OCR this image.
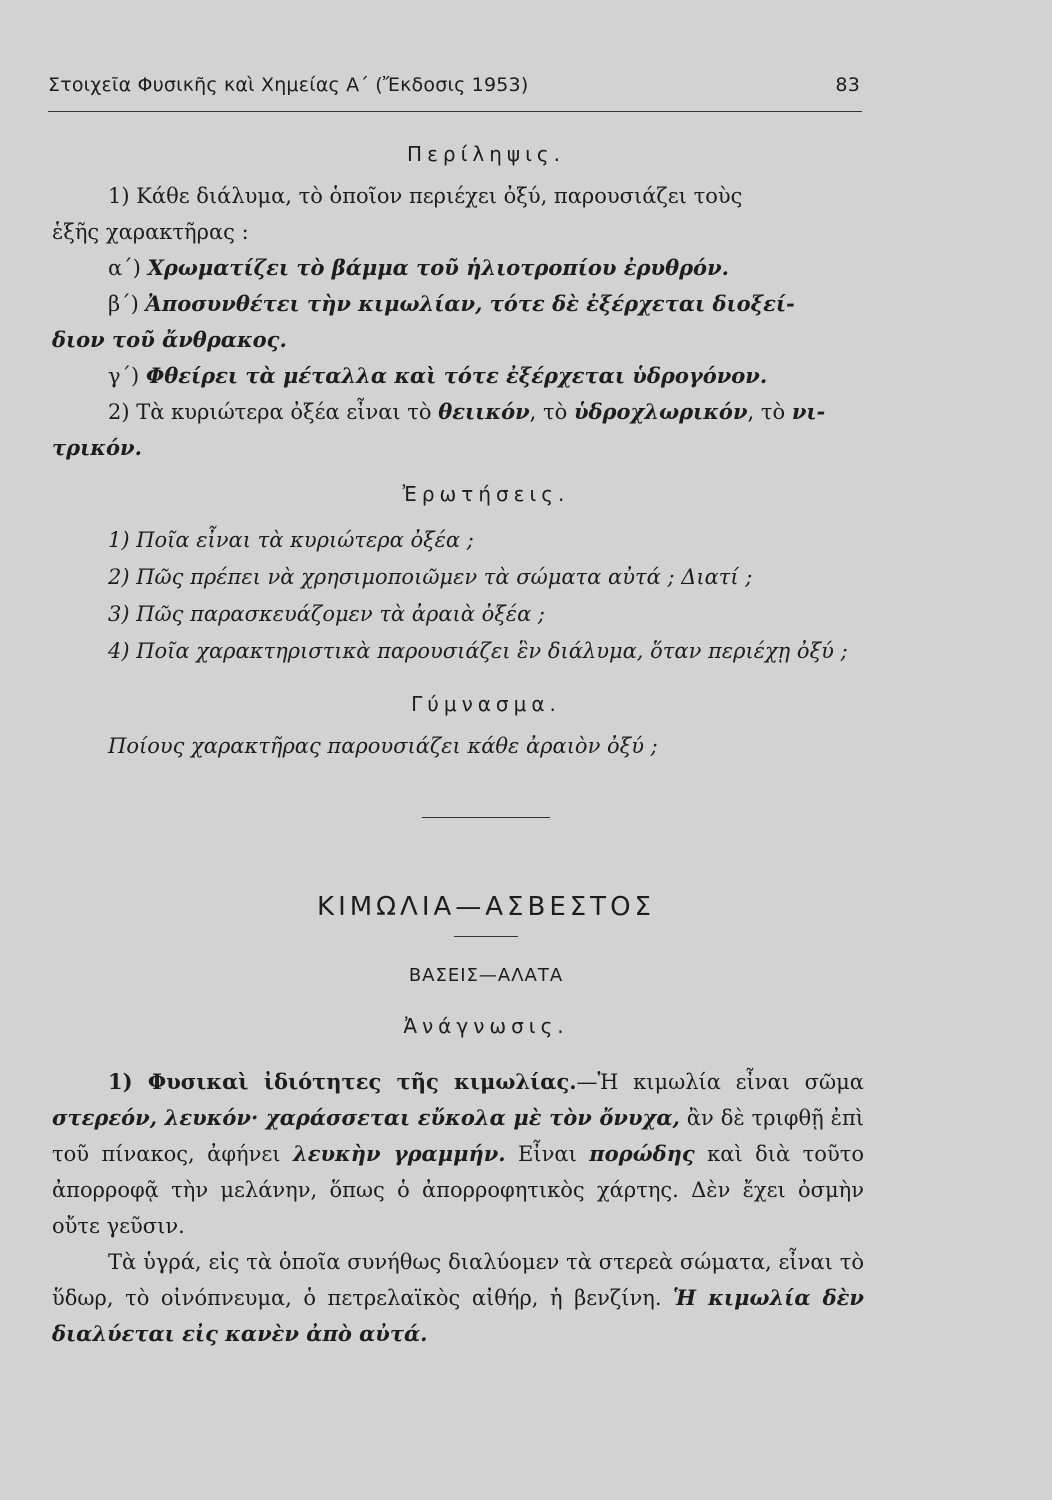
Στοιχεῖα Φυσικῆς καὶ Χημείας Α΄ (Ἔκδοσις 1953)	83

Περίληψις.

1) Κάθε διάλυμα, τὸ ὁποῖον περιέχει ὀξύ, παρουσιάζει τοὺς

ἑξῆς χαρακτῆρας :

α΄) Χρωματίζει τὸ βάμμα τοῦ ἡλιοτροπίου ἐρυθρόν.

β΄) Ἀποσυνθέτει τὴν κιμωλίαν, τότε δὲ ἐξέρχεται διοξεί-

διον τοῦ ἄνθρακος.

γ΄) Φθείρει τὰ μέταλλα καὶ τότε ἐξέρχεται ὑδρογόνον.

2) Τὰ κυριώτερα ὀξέα εἶναι τὸ θειικόν, τὸ ὑδροχλωρικόν, τὸ νι-

τρικόν.

Ἐρωτήσεις.

1) Ποῖα εἶναι τὰ κυριώτερα ὀξέα ;

2) Πῶς πρέπει νὰ χρησιμοποιῶμεν τὰ σώματα αὐτά ; Διατί ;

3) Πῶς παρασκευάζομεν τὰ ἀραιὰ ὀξέα ;

4) Ποῖα χαρακτηριστικὰ παρουσιάζει ἓν διάλυμα, ὅταν περιέχῃ ὀξύ ;

Γύμνασμα.

Ποίους χαρακτῆρας παρουσιάζει κάθε ἀραιὸν ὀξύ ;

ΚΙΜΩΛΙΑ—ΑΣΒΕΣΤΟΣ

ΒΑΣΕΙΣ—ΑΛΑΤΑ

Ἀνάγνωσις.

1) Φυσικαὶ ἰδιότητες τῆς κιμωλίας.—Ἡ κιμωλία εἶναι σῶμα στερεόν, λευκόν· χαράσσεται εὔκολα μὲ τὸν ὄνυχα, ἂν δὲ τριφθῇ ἐπὶ τοῦ πίνακος, ἀφήνει λευκὴν γραμμήν. Εἶναι πορώδης καὶ διὰ τοῦτο ἀπορροφᾷ τὴν μελάνην, ὅπως ὁ ἀπορροφητικὸς χάρτης. Δὲν ἔχει ὀσμὴν οὔτε γεῦσιν.

Τὰ ὑγρά, εἰς τὰ ὁποῖα συνήθως διαλύομεν τὰ στερεὰ σώματα, εἶναι τὸ ὕδωρ, τὸ οἰνόπνευμα, ὁ πετρελαϊκὸς αἰθήρ, ἡ βενζίνη. Ἡ κιμωλία δὲν διαλύεται εἰς κανὲν ἀπὸ αὐτά.
